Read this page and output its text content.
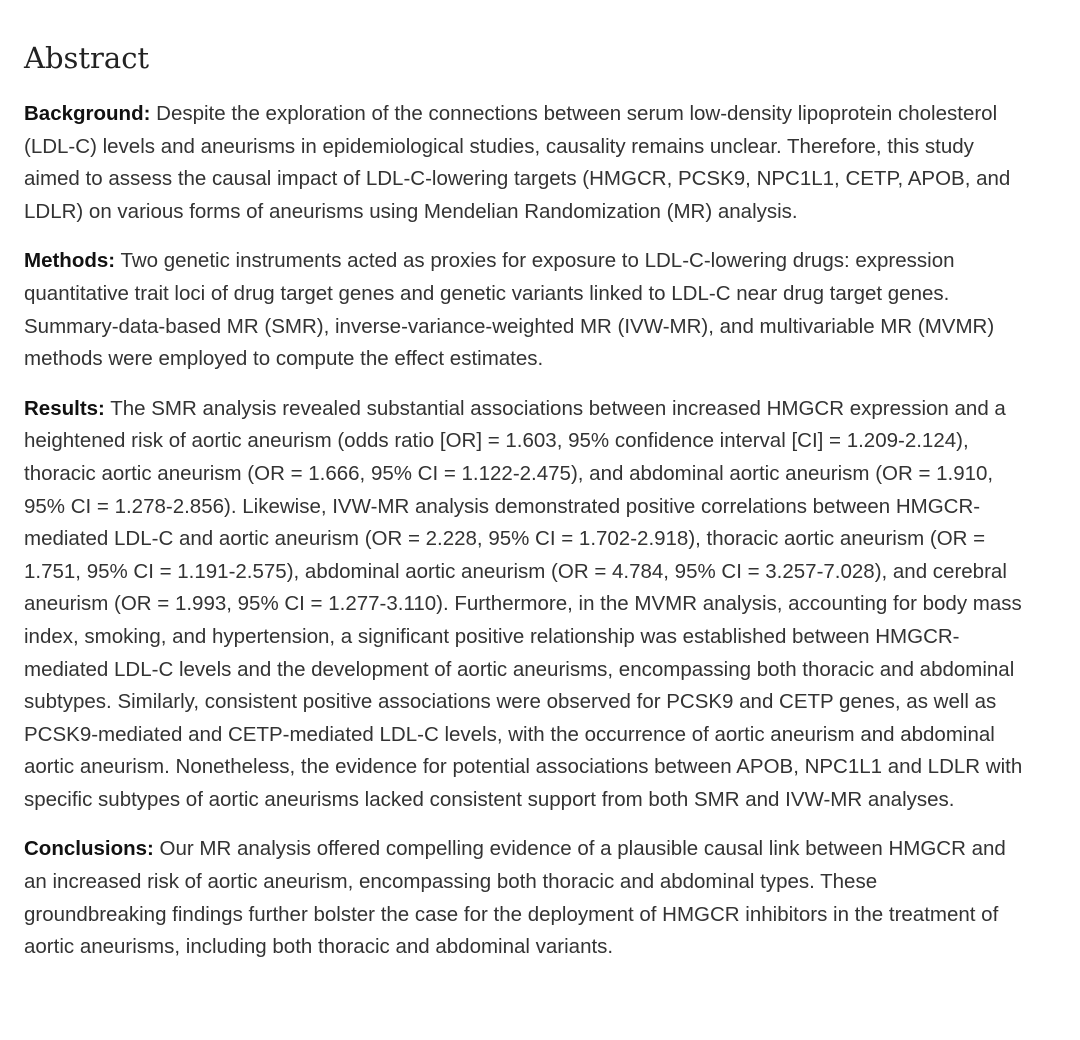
Abstract

Background: Despite the exploration of the connections between serum low-density lipoprotein cholesterol (LDL-C) levels and aneurisms in epidemiological studies, causality remains unclear. Therefore, this study aimed to assess the causal impact of LDL-C-lowering targets (HMGCR, PCSK9, NPC1L1, CETP, APOB, and LDLR) on various forms of aneurisms using Mendelian Randomization (MR) analysis.

Methods: Two genetic instruments acted as proxies for exposure to LDL-C-lowering drugs: expression quantitative trait loci of drug target genes and genetic variants linked to LDL-C near drug target genes. Summary-data-based MR (SMR), inverse-variance-weighted MR (IVW-MR), and multivariable MR (MVMR) methods were employed to compute the effect estimates.

Results: The SMR analysis revealed substantial associations between increased HMGCR expression and a heightened risk of aortic aneurism (odds ratio [OR] = 1.603, 95% confidence interval [CI] = 1.209-2.124), thoracic aortic aneurism (OR = 1.666, 95% CI = 1.122-2.475), and abdominal aortic aneurism (OR = 1.910, 95% CI = 1.278-2.856). Likewise, IVW-MR analysis demonstrated positive correlations between HMGCR-mediated LDL-C and aortic aneurism (OR = 2.228, 95% CI = 1.702-2.918), thoracic aortic aneurism (OR = 1.751, 95% CI = 1.191-2.575), abdominal aortic aneurism (OR = 4.784, 95% CI = 3.257-7.028), and cerebral aneurism (OR = 1.993, 95% CI = 1.277-3.110). Furthermore, in the MVMR analysis, accounting for body mass index, smoking, and hypertension, a significant positive relationship was established between HMGCR-mediated LDL-C levels and the development of aortic aneurisms, encompassing both thoracic and abdominal subtypes. Similarly, consistent positive associations were observed for PCSK9 and CETP genes, as well as PCSK9-mediated and CETP-mediated LDL-C levels, with the occurrence of aortic aneurism and abdominal aortic aneurism. Nonetheless, the evidence for potential associations between APOB, NPC1L1 and LDLR with specific subtypes of aortic aneurisms lacked consistent support from both SMR and IVW-MR analyses.

Conclusions: Our MR analysis offered compelling evidence of a plausible causal link between HMGCR and an increased risk of aortic aneurism, encompassing both thoracic and abdominal types. These groundbreaking findings further bolster the case for the deployment of HMGCR inhibitors in the treatment of aortic aneurisms, including both thoracic and abdominal variants.
